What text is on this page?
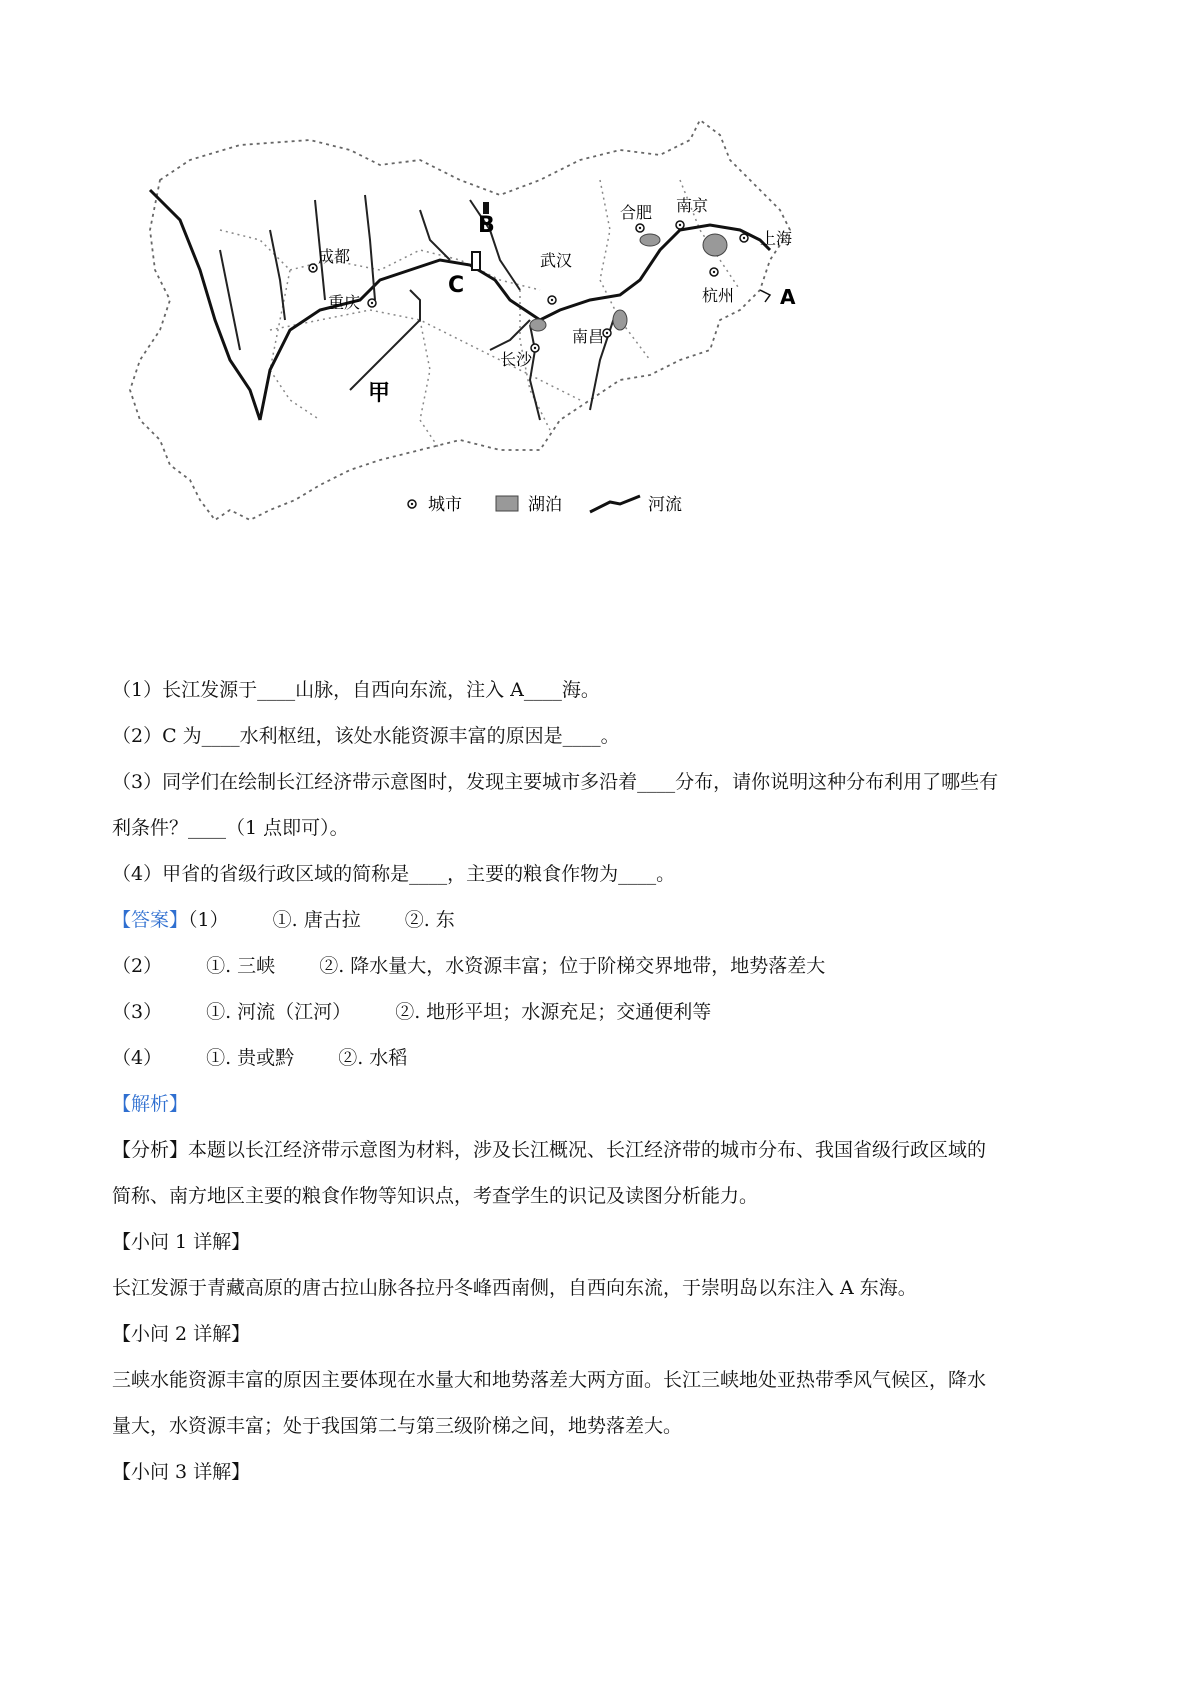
成都
重庆
武汉
合肥 南京
上海
杭州
长沙
南昌
A
B
C
甲
城市	湖泊	河流
（1）长江发源于____山脉，自西向东流，注入 A____海。
（2）C 为____水利枢纽，该处水能资源丰富的原因是____。
（3）同学们在绘制长江经济带示意图时，发现主要城市多沿着____分布，请你说明这种分布利用了哪些有
利条件？____（1 点即可）。
（4）甲省的省级行政区域的简称是____，主要的粮食作物为____。
【答案】（1） ①. 唐古拉 ②. 东
（2） ①. 三峡 ②. 降水量大，水资源丰富；位于阶梯交界地带，地势落差大
（3） ①. 河流（江河） ②. 地形平坦；水源充足；交通便利等
（4） ①. 贵或黔 ②. 水稻
【解析】
【分析】本题以长江经济带示意图为材料，涉及长江概况、长江经济带的城市分布、我国省级行政区域的
简称、南方地区主要的粮食作物等知识点，考查学生的识记及读图分析能力。
【小问 1 详解】
长江发源于青藏高原的唐古拉山脉各拉丹冬峰西南侧，自西向东流，于崇明岛以东注入 A 东海。
【小问 2 详解】
三峡水能资源丰富的原因主要体现在水量大和地势落差大两方面。长江三峡地处亚热带季风气候区，降水
量大，水资源丰富；处于我国第二与第三级阶梯之间，地势落差大。
【小问 3 详解】
